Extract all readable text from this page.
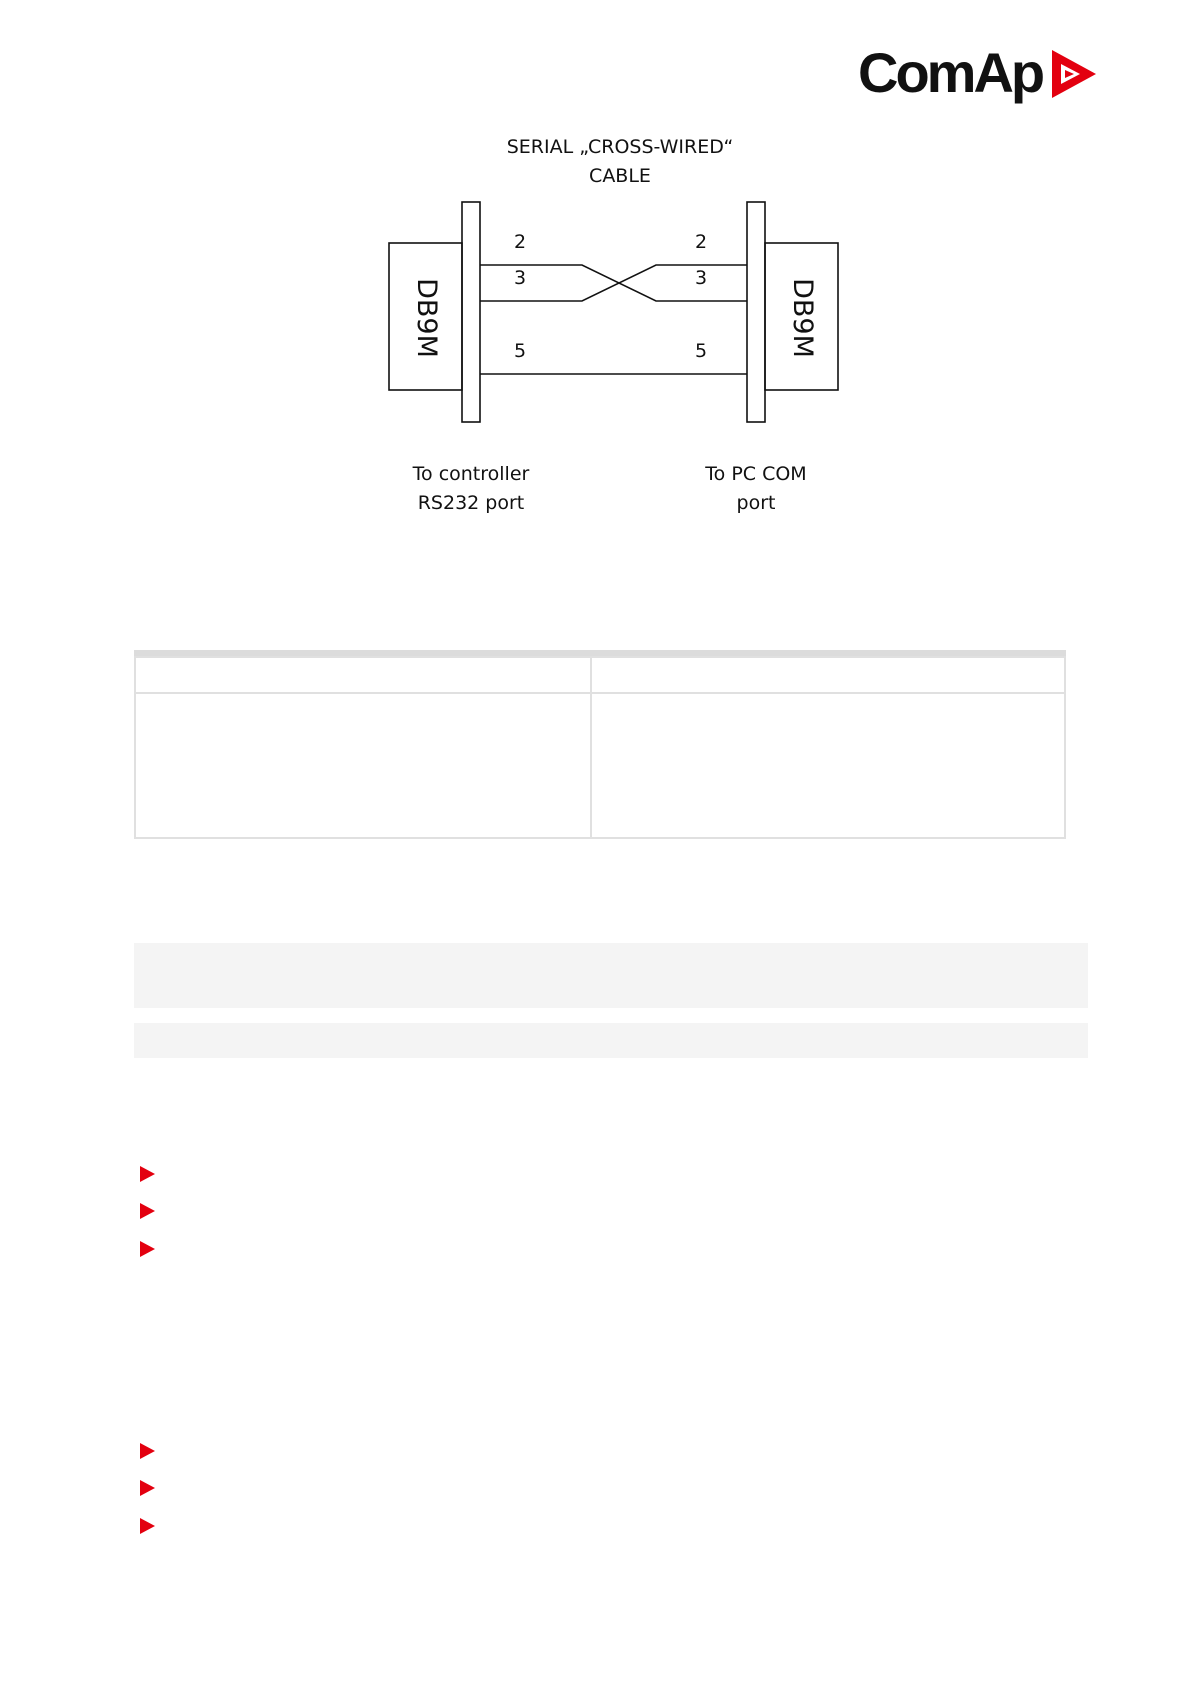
ComAp
SERIAL „CROSS-WIRED“
CABLE
DB9M	DB9M
2
3
5
2
3
5
To controller
RS232 port
To PC COM
port
